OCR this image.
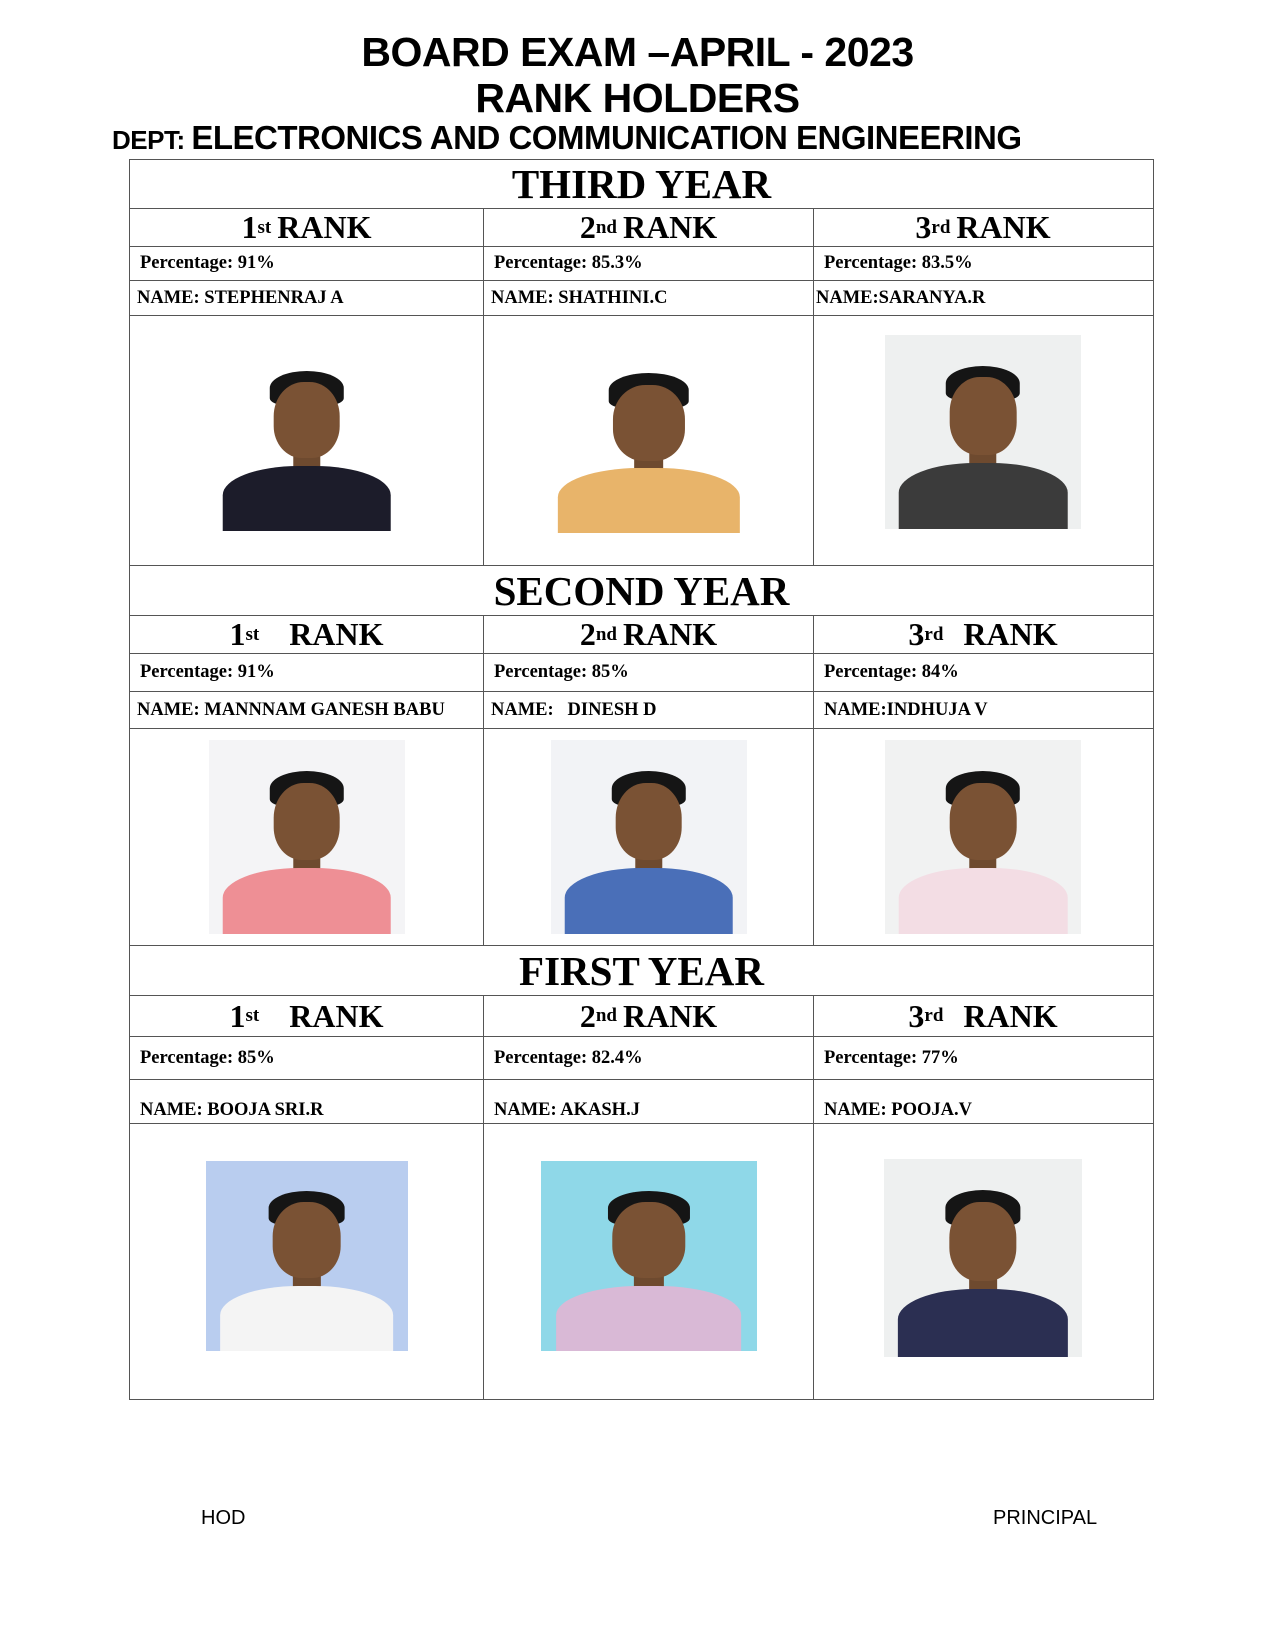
BOARD EXAM –APRIL - 2023
RANK HOLDERS
DEPT: ELECTRONICS AND COMMUNICATION ENGINEERING
THIRD YEAR
1 st RANK	2 nd RANK	3 rd RANK
Percentage: 91%	Percentage: 85.3%	Percentage: 83.5%
NAME: STEPHENRAJ A	NAME: SHATHINI.C	NAME:SARANYA.R
SECOND YEAR
1 st RANK	2 nd RANK	3 rd RANK
Percentage: 91%	Percentage: 85%	Percentage: 84%
NAME: MANNNAM GANESH BABU	NAME:   DINESH D	NAME:INDHUJA V
FIRST YEAR
1 st RANK	2 nd RANK	3 rd RANK
Percentage: 85%	Percentage: 82.4%	Percentage: 77%
NAME: BOOJA SRI.R	NAME: AKASH.J	NAME: POOJA.V
HOD	PRINCIPAL
